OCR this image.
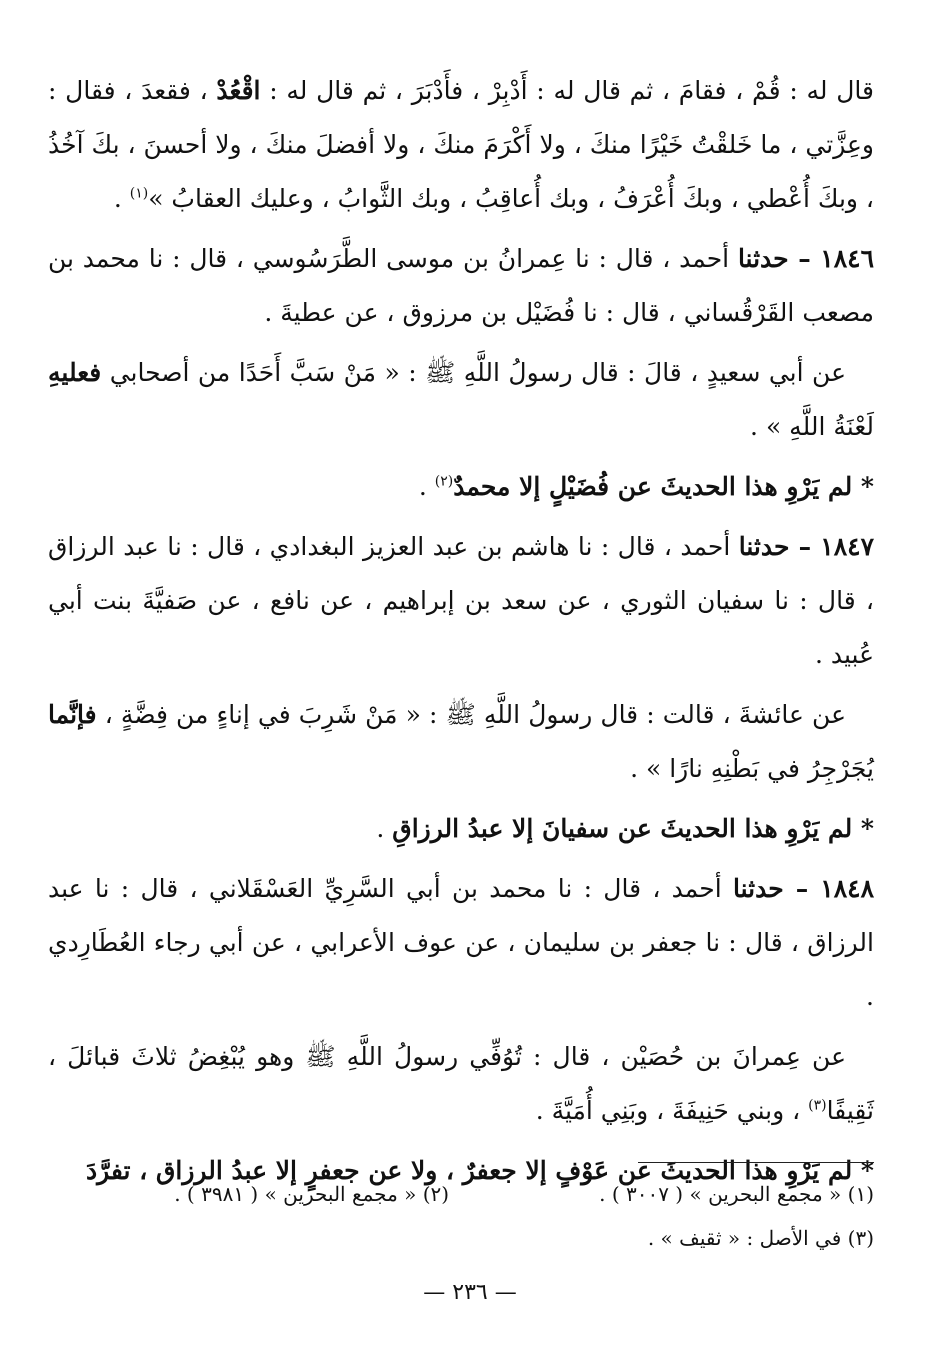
قال له : قُمْ ، فقامَ ، ثم قال له : أَدْبِرْ ، فأَدْبَرَ ، ثم قال له : اقْعُدْ ، فقعدَ ، فقال : وعِزَّتي ، ما خَلقْتُ خَيْرًا منكَ ، ولا أَكْرَمَ منكَ ، ولا أفضلَ منكَ ، ولا أحسنَ ، بكَ آخُذُ ، وبكَ أُعْطي ، وبكَ أُعْرَفُ ، وبك أُعاقِبُ ، وبك الثَّوابُ ، وعليك العقابُ »$^{(١)}$ .

١٨٤٦ – حدثنا أحمد ، قال : نا عِمرانُ بن موسى الطَّرَسُوسي ، قال : نا محمد بن مصعب القَرْقُساني ، قال : نا فُضَيْل بن مرزوق ، عن عطيةَ .

عن أبي سعيدٍ ، قالَ : قال رسولُ اللَّهِ ﷺ : « مَنْ سَبَّ أَحَدًا من أصحابي فعليهِ لَعْنَةُ اللَّهِ » .

* لم يَرْوِ هذا الحديثَ عن فُضَيْلٍ إلا محمدٌ$^{(٢)}$ .

١٨٤٧ – حدثنا أحمد ، قال : نا هاشم بن عبد العزيز البغدادي ، قال : نا عبد الرزاق ، قال : نا سفيان الثوري ، عن سعد بن إبراهيم ، عن نافع ، عن صَفيَّةَ بنت أبي عُبيد .

عن عائشةَ ، قالت : قال رسولُ اللَّهِ ﷺ : « مَنْ شَرِبَ في إناءٍ من فِضَّةٍ ، فإنَّما يُجَرْجِرُ في بَطْنِهِ نارًا » .

* لم يَرْوِ هذا الحديثَ عن سفيانَ إلا عبدُ الرزاقِ .

١٨٤٨ – حدثنا أحمد ، قال : نا محمد بن أبي السَّرِيِّ العَسْقَلاني ، قال : نا عبد الرزاق ، قال : نا جعفر بن سليمان ، عن عوف الأعرابي ، عن أبي رجاء العُطَارِدي .

عن عِمرانَ بن حُصَيْن ، قال : تُوُفِّي رسولُ اللَّهِ ﷺ وهو يُبْغِضُ ثلاثَ قبائلَ ، ثَقِيفًا$^{(٣)}$ ، وبني حَنِيفَةَ ، وبَنِي أُمَيَّةَ .

* لم يَرْوِ هذا الحديثَ عن عَوْفٍ إلا جعفرٌ ، ولا عن جعفرٍ إلا عبدُ الرزاق ، تفرَّدَ

(١) « مجمع البحرين » ( ٣٠٠٧ ) .
(٢) « مجمع البحرين » ( ٣٩٨١ ) .
(٣) في الأصل : « ثقيف » .
— ٢٣٦ —
